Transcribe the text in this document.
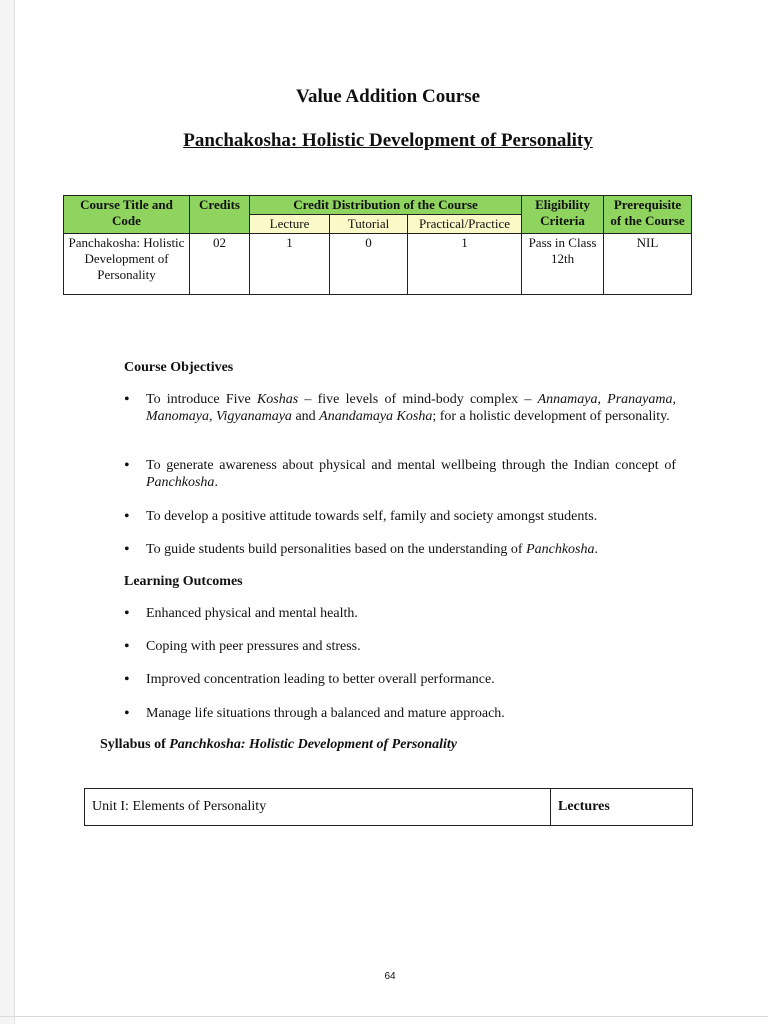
Value Addition Course
Panchakosha: Holistic Development of Personality
Course Title and Code	Credits	Credit Distribution of the Course			Eligibility Criteria	Prerequisite of the Course
		Lecture	Tutorial	Practical/Practice		
Panchakosha: Holistic Development of Personality	02	1	0	1	Pass in Class 12th	NIL
Course Objectives
• To introduce Five Koshas – five levels of mind-body complex – Annamaya, Pranayama, Manomaya, Vigyanamaya and Anandamaya Kosha; for a holistic development of personality.
• To generate awareness about physical and mental wellbeing through the Indian concept of Panchkosha.
• To develop a positive attitude towards self, family and society amongst students.
• To guide students build personalities based on the understanding of Panchkosha.
Learning Outcomes
• Enhanced physical and mental health.
• Coping with peer pressures and stress.
• Improved concentration leading to better overall performance.
• Manage life situations through a balanced and mature approach.
Syllabus of Panchkosha: Holistic Development of Personality
Unit I: Elements of Personality	Lectures
64
